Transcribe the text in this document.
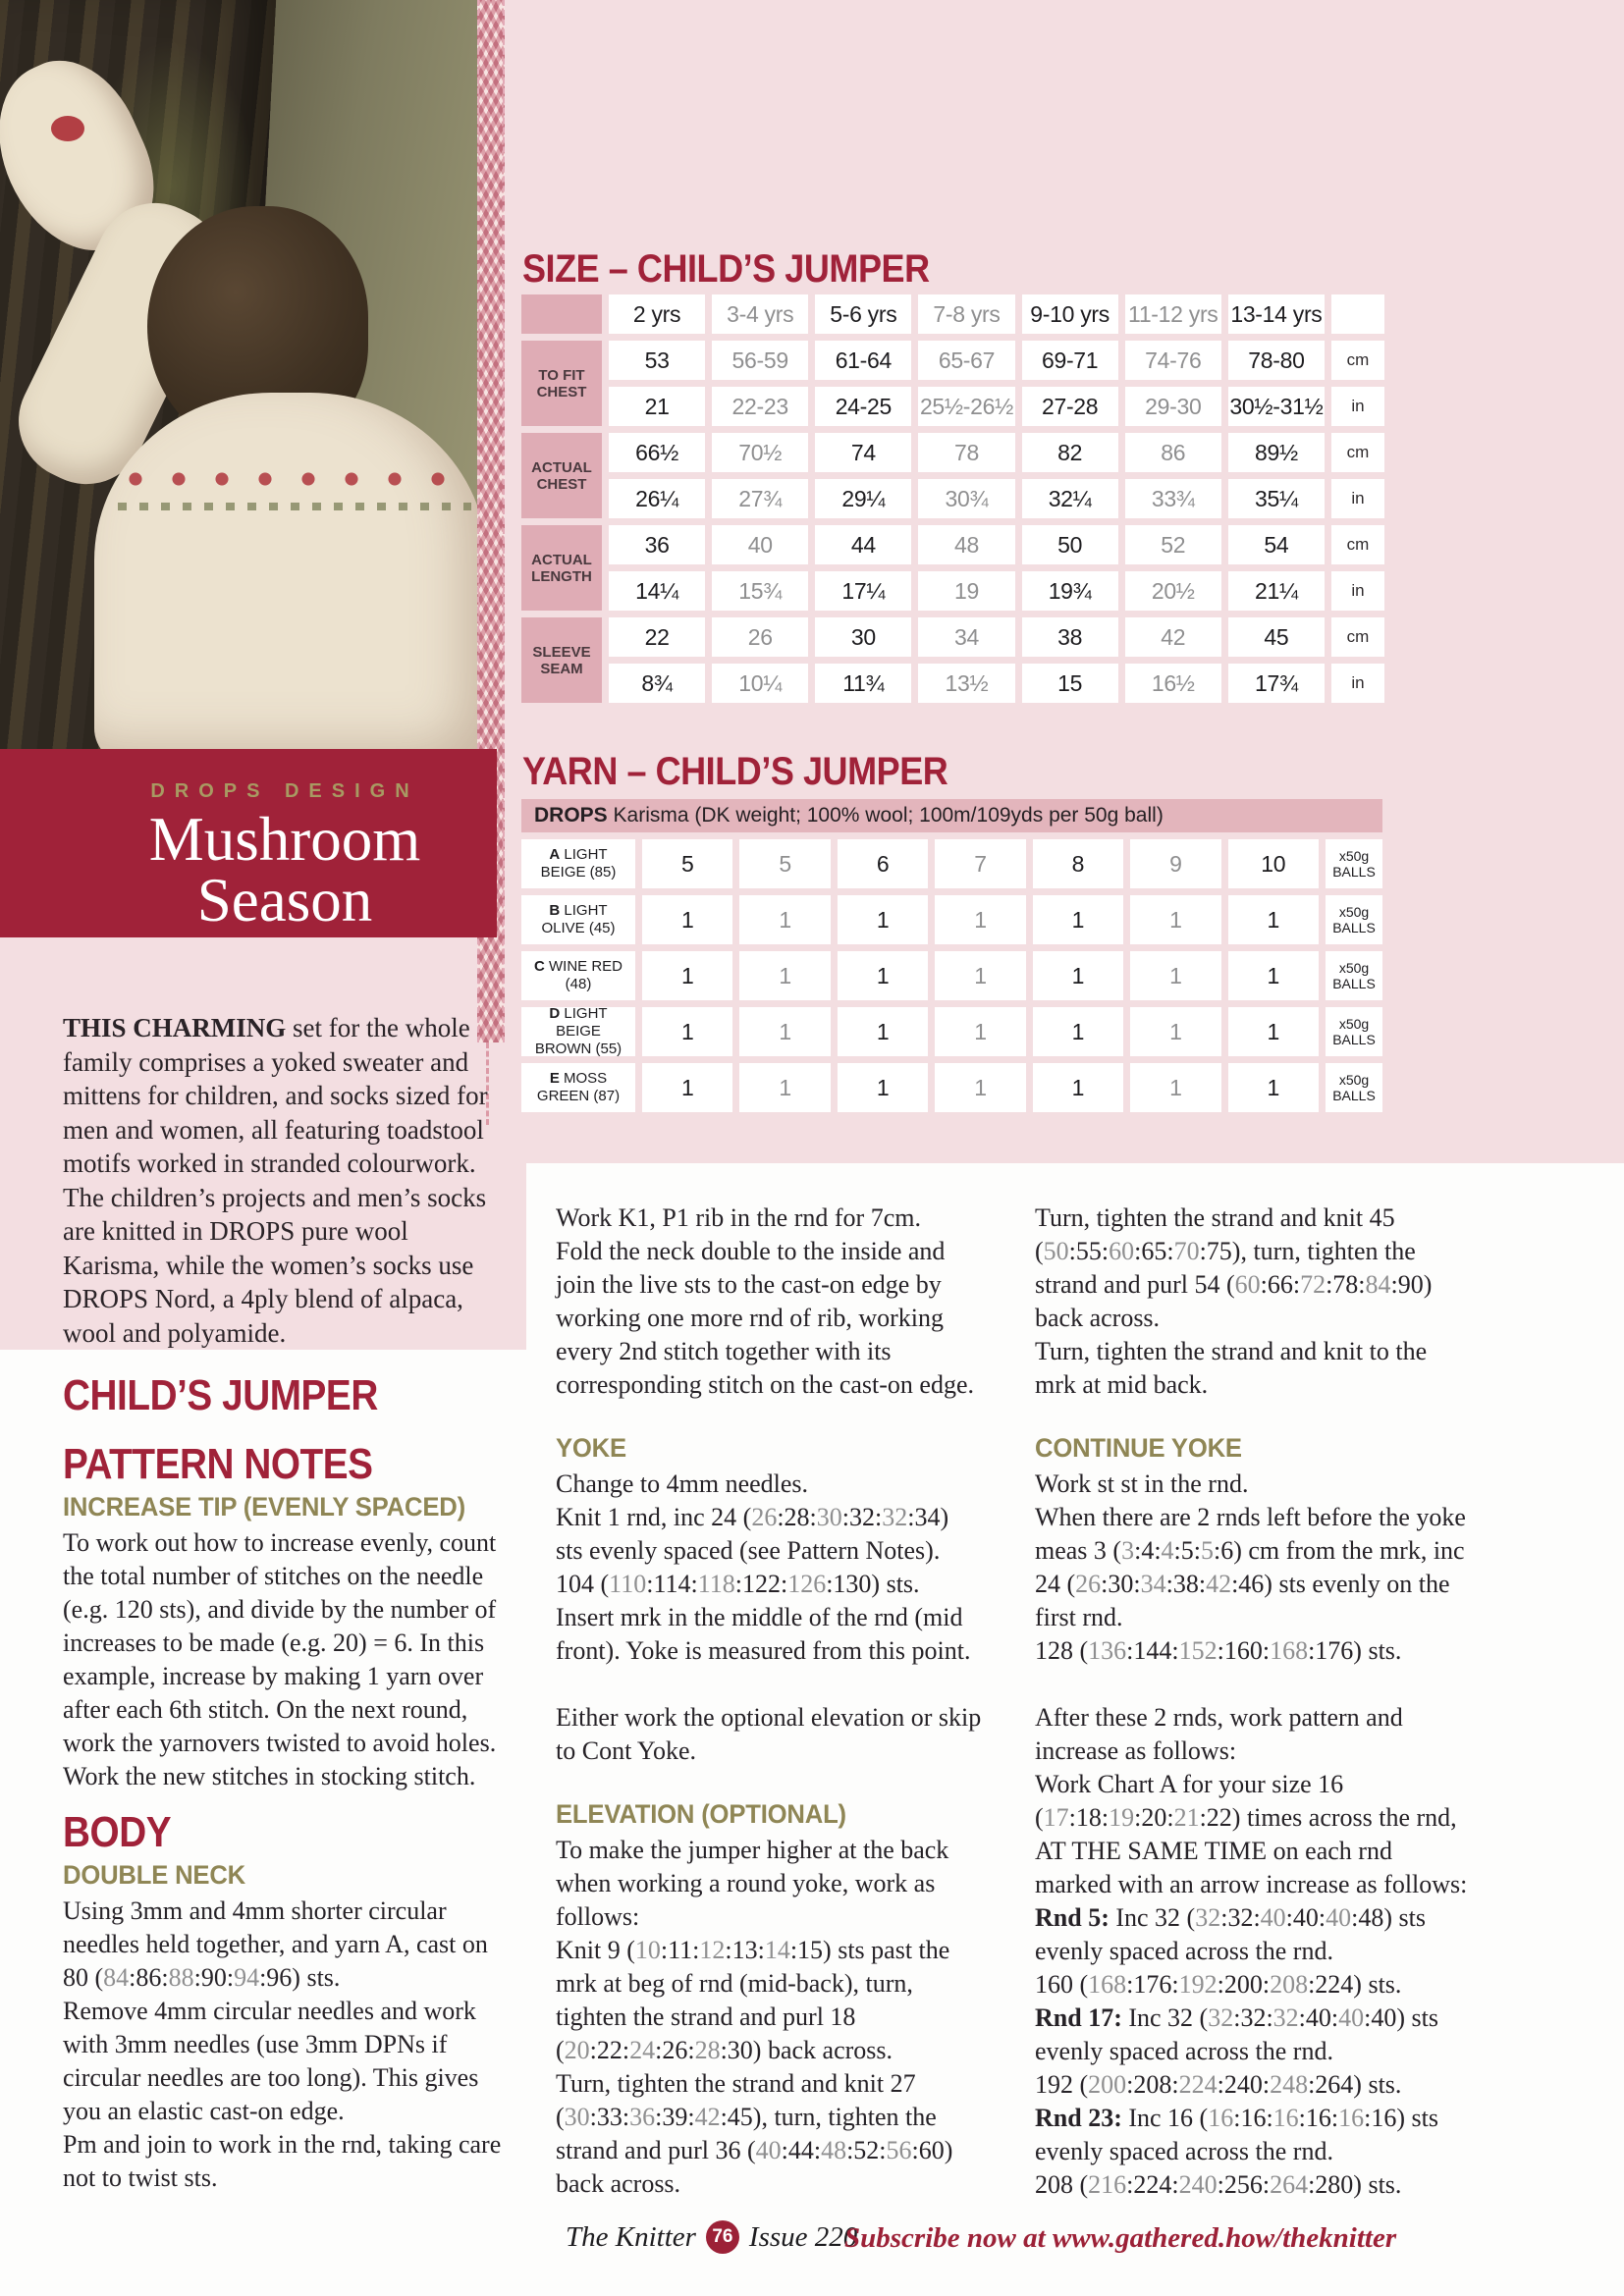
DROPS DESIGN
Mushroom
Season
THIS CHARMING set for the whole family comprises a yoked sweater and mittens for children, and socks sized for men and women, all featuring toadstool motifs worked in stranded colourwork. The children’s projects and men’s socks are knitted in DROPS pure wool Karisma, while the women’s socks use DROPS Nord, a 4ply blend of alpaca, wool and polyamide.
SIZE – CHILD’S JUMPER
2 yrs	3-4 yrs	5-6 yrs	7-8 yrs	9-10 yrs 11-12 yrs 13-14 yrs
TO FIT CHEST
53	56-59	61-64	65-67	69-71	74-76	78-80	cm
21	22-23	24-25	25½-26½	27-28	29-30	30½-31½	in
ACTUAL CHEST
66½	70½	74	78	82	86	89½	cm
26¼	27¾	29¼	30¾	32¼	33¾	35¼	in
ACTUAL LENGTH
36	40	44	48	50	52	54	cm
14¼	15¾	17¼	19	19¾	20½	21¼	in
SLEEVE SEAM
22	26	30	34	38	42	45	cm
8¾	10¼	11¾	13½	15	16½	17¾	in
YARN – CHILD’S JUMPER
DROPS Karisma (DK weight; 100% wool; 100m/109yds per 50g ball)
A LIGHT BEIGE (85)	5	5	6	7	8	9	10	x50g
BALLS
B LIGHT OLIVE (45)	1	1	1	1	1	1	1	x50g
BALLS
C WINE RED (48)	1	1	1	1	1	1	1	x50g
BALLS
D LIGHT BEIGE BROWN (55)
1	1	1	1	1	1	1	x50g
BALLS
E MOSS GREEN (87)	1	1	1	1	1	1	1	x50g
BALLS
CHILD’S JUMPER
PATTERN NOTES
INCREASE TIP (EVENLY SPACED)

To work out how to increase evenly, count the total number of stitches on the needle (e.g. 120 sts), and divide by the number of increases to be made (e.g. 20) = 6. In this example, increase by making 1 yarn over after each 6th stitch. On the next round, work the yarnovers twisted to avoid holes. Work the new stitches in stocking stitch.

BODY
DOUBLE NECK

Using 3mm and 4mm shorter circular needles held together, and yarn A, cast on 80 (84:86:88:90:94:96) sts.

Remove 4mm circular needles and work with 3mm needles (use 3mm DPNs if circular needles are too long). This gives you an elastic cast-on edge.

Pm and join to work in the rnd, taking care not to twist sts.

Work K1, P1 rib in the rnd for 7cm.

Fold the neck double to the inside and join the live sts to the cast-on edge by working one more rnd of rib, working every 2nd stitch together with its corresponding stitch on the cast-on edge.

YOKE

Change to 4mm needles.

Knit 1 rnd, inc 24 (26:28:30:32:32:34) sts evenly spaced (see Pattern Notes).

104 (110:114:118:122:126:130) sts.

Insert mrk in the middle of the rnd (mid front). Yoke is measured from this point.

Either work the optional elevation or skip to Cont Yoke.

ELEVATION (OPTIONAL)

To make the jumper higher at the back when working a round yoke, work as follows:

Knit 9 (10:11:12:13:14:15) sts past the mrk at beg of rnd (mid-back), turn, tighten the strand and purl 18 (20:22:24:26:28:30) back across.

Turn, tighten the strand and knit 27 (30:33:36:39:42:45), turn, tighten the strand and purl 36 (40:44:48:52:56:60) back across.

Turn, tighten the strand and knit 45 (50:55:60:65:70:75), turn, tighten the strand and purl 54 (60:66:72:78:84:90) back across.

Turn, tighten the strand and knit to the mrk at mid back.

CONTINUE YOKE

Work st st in the rnd.

When there are 2 rnds left before the yoke meas 3 (3:4:4:5:5:6) cm from the mrk, inc 24 (26:30:34:38:42:46) sts evenly on the first rnd.

128 (136:144:152:160:168:176) sts.

After these 2 rnds, work pattern and increase as follows:

Work Chart A for your size 16 (17:18:19:20:21:22) times across the rnd, AT THE SAME TIME on each rnd marked with an arrow increase as follows:

Rnd 5: Inc 32 (32:32:40:40:40:48) sts evenly spaced across the rnd.

160 (168:176:192:200:208:224) sts.

Rnd 17: Inc 32 (32:32:32:40:40:40) sts evenly spaced across the rnd.

192 (200:208:224:240:248:264) sts.

Rnd 23: Inc 16 (16:16:16:16:16:16) sts evenly spaced across the rnd.

208 (216:224:240:256:264:280) sts.

The Knitter 76 Issue 220
Subscribe now at www.gathered.how/theknitter
